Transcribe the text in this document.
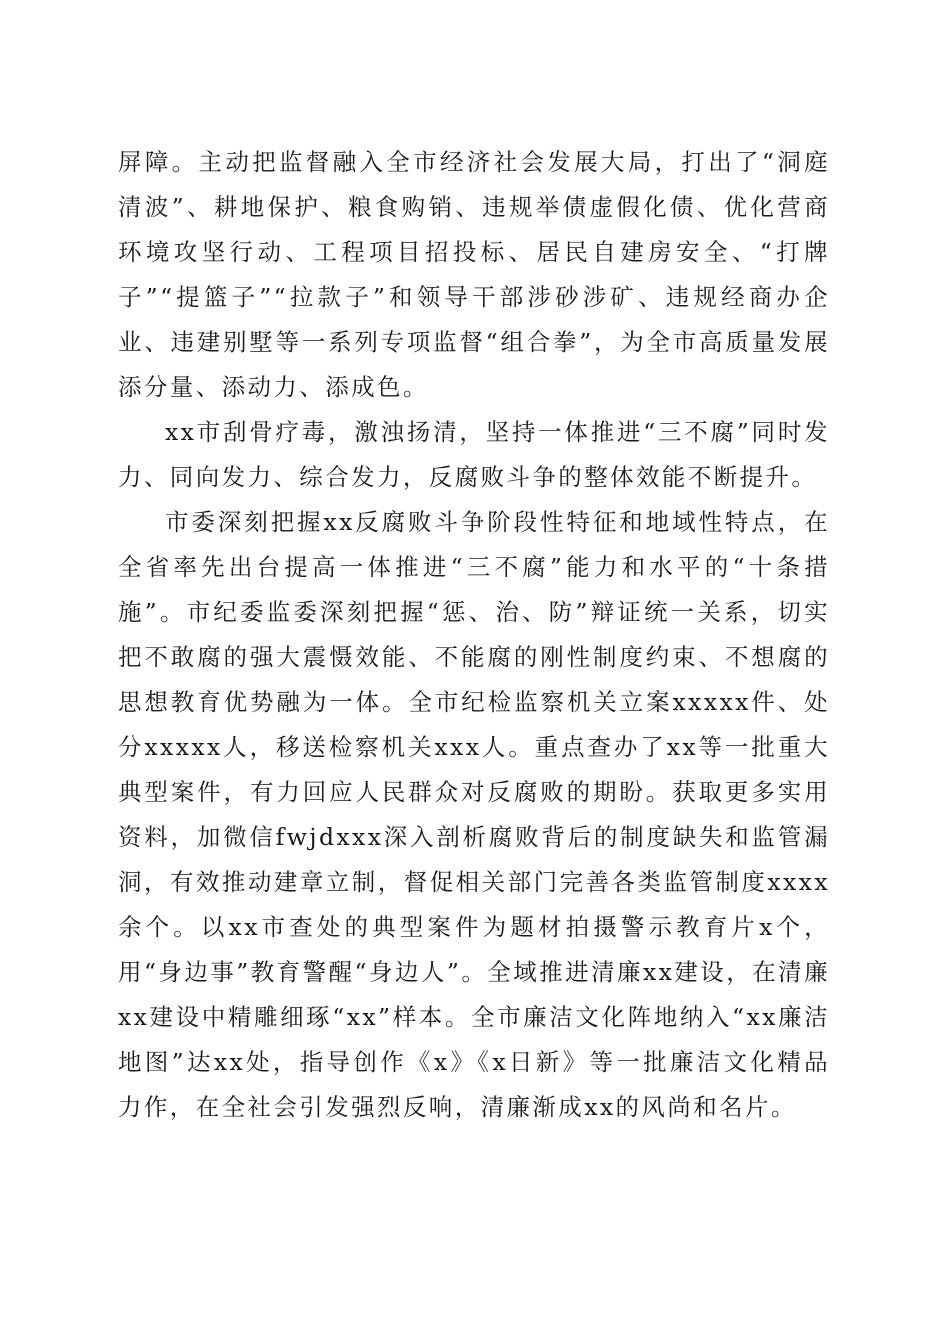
屏障。主动把监督融入全市经济社会发展大局，打出了“洞庭清波”、耕地保护、粮食购销、违规举债虚假化债、优化营商环境攻坚行动、工程项目招投标、居民自建房安全、“打牌子”“提篮子”“拉款子”和领导干部涉砂涉矿、违规经商办企业、违建别墅等一系列专项监督“组合拳”，为全市高质量发展添分量、添动力、添成色。

xx市刮骨疗毒，激浊扬清，坚持一体推进“三不腐”同时发力、同向发力、综合发力，反腐败斗争的整体效能不断提升。

市委深刻把握xx反腐败斗争阶段性特征和地域性特点，在全省率先出台提高一体推进“三不腐”能力和水平的“十条措施”。市纪委监委深刻把握“惩、治、防”辩证统一关系，切实把不敢腐的强大震慑效能、不能腐的刚性制度约束、不想腐的思想教育优势融为一体。全市纪检监察机关立案xxxxx件、处分xxxxx人，移送检察机关xxx人。重点查办了xx等一批重大典型案件，有力回应人民群众对反腐败的期盼。获取更多实用资料，加微信fwjdxxx深入剖析腐败背后的制度缺失和监管漏洞，有效推动建章立制，督促相关部门完善各类监管制度xxxx余个。以xx市查处的典型案件为题材拍摄警示教育片x个，用“身边事”教育警醒“身边人”。全域推进清廉xx建设，在清廉xx建设中精雕细琢“xx”样本。全市廉洁文化阵地纳入“xx廉洁地图”达xx处，指导创作《x》《x日新》等一批廉洁文化精品力作，在全社会引发强烈反响，清廉渐成xx的风尚和名片。
